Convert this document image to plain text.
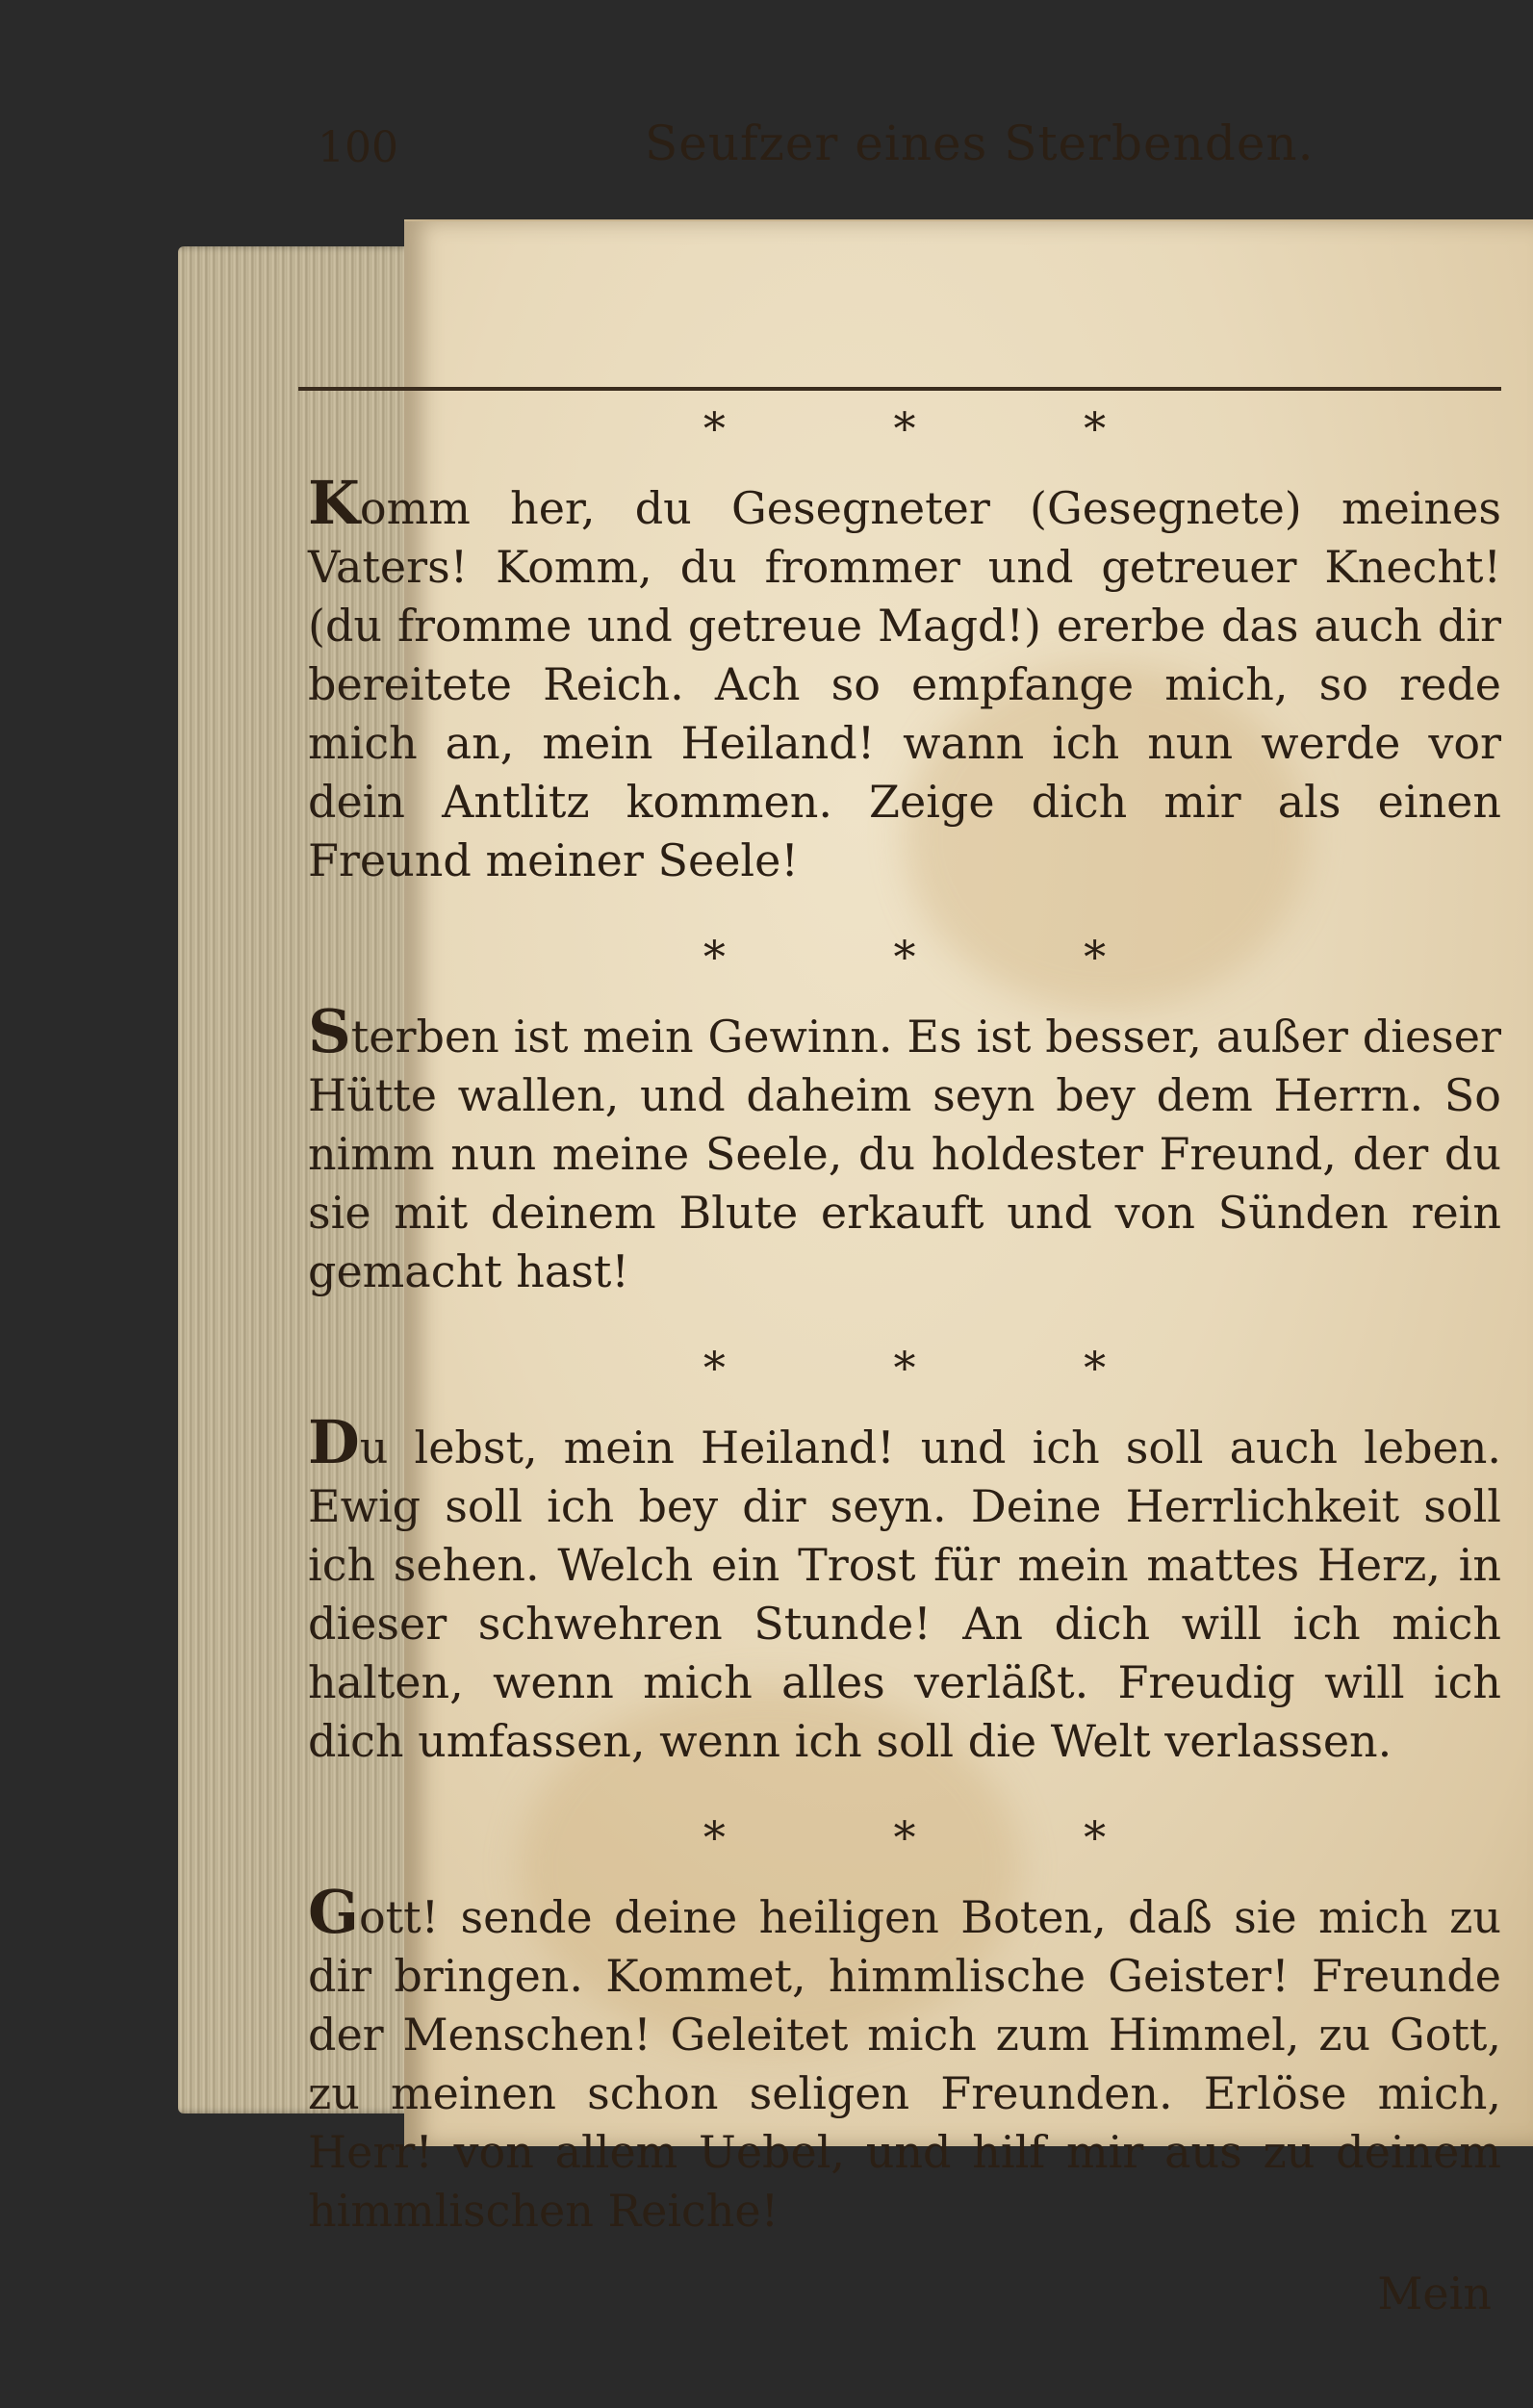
100	Seufzer eines Sterbenden.
* * *

Komm her, du Gesegneter (Gesegnete) meines Vaters! Komm, du frommer und getreuer Knecht! (du fromme und getreue Magd!) ererbe das auch dir bereitete Reich. Ach so empfange mich, so rede mich an, mein Heiland! wann ich nun werde vor dein Antlitz kommen. Zeige dich mir als einen Freund meiner Seele!

* * *

Sterben ist mein Gewinn. Es ist besser, außer dieser Hütte wallen, und daheim seyn bey dem Herrn. So nimm nun meine Seele, du holdester Freund, der du sie mit deinem Blute erkauft und von Sünden rein gemacht hast!

* * *

Du lebst, mein Heiland! und ich soll auch leben. Ewig soll ich bey dir seyn. Deine Herrlichkeit soll ich sehen. Welch ein Trost für mein mattes Herz, in dieser schwehren Stunde! An dich will ich mich halten, wenn mich alles verläßt. Freudig will ich dich umfassen, wenn ich soll die Welt verlassen.

* * *

Gott! sende deine heiligen Boten, daß sie mich zu dir bringen. Kommet, himmlische Geister! Freunde der Menschen! Geleitet mich zum Himmel, zu Gott, zu meinen schon seligen Freunden. Erlöse mich, Herr! von allem Uebel, und hilf mir aus zu deinem himmlischen Reiche!

Mein
